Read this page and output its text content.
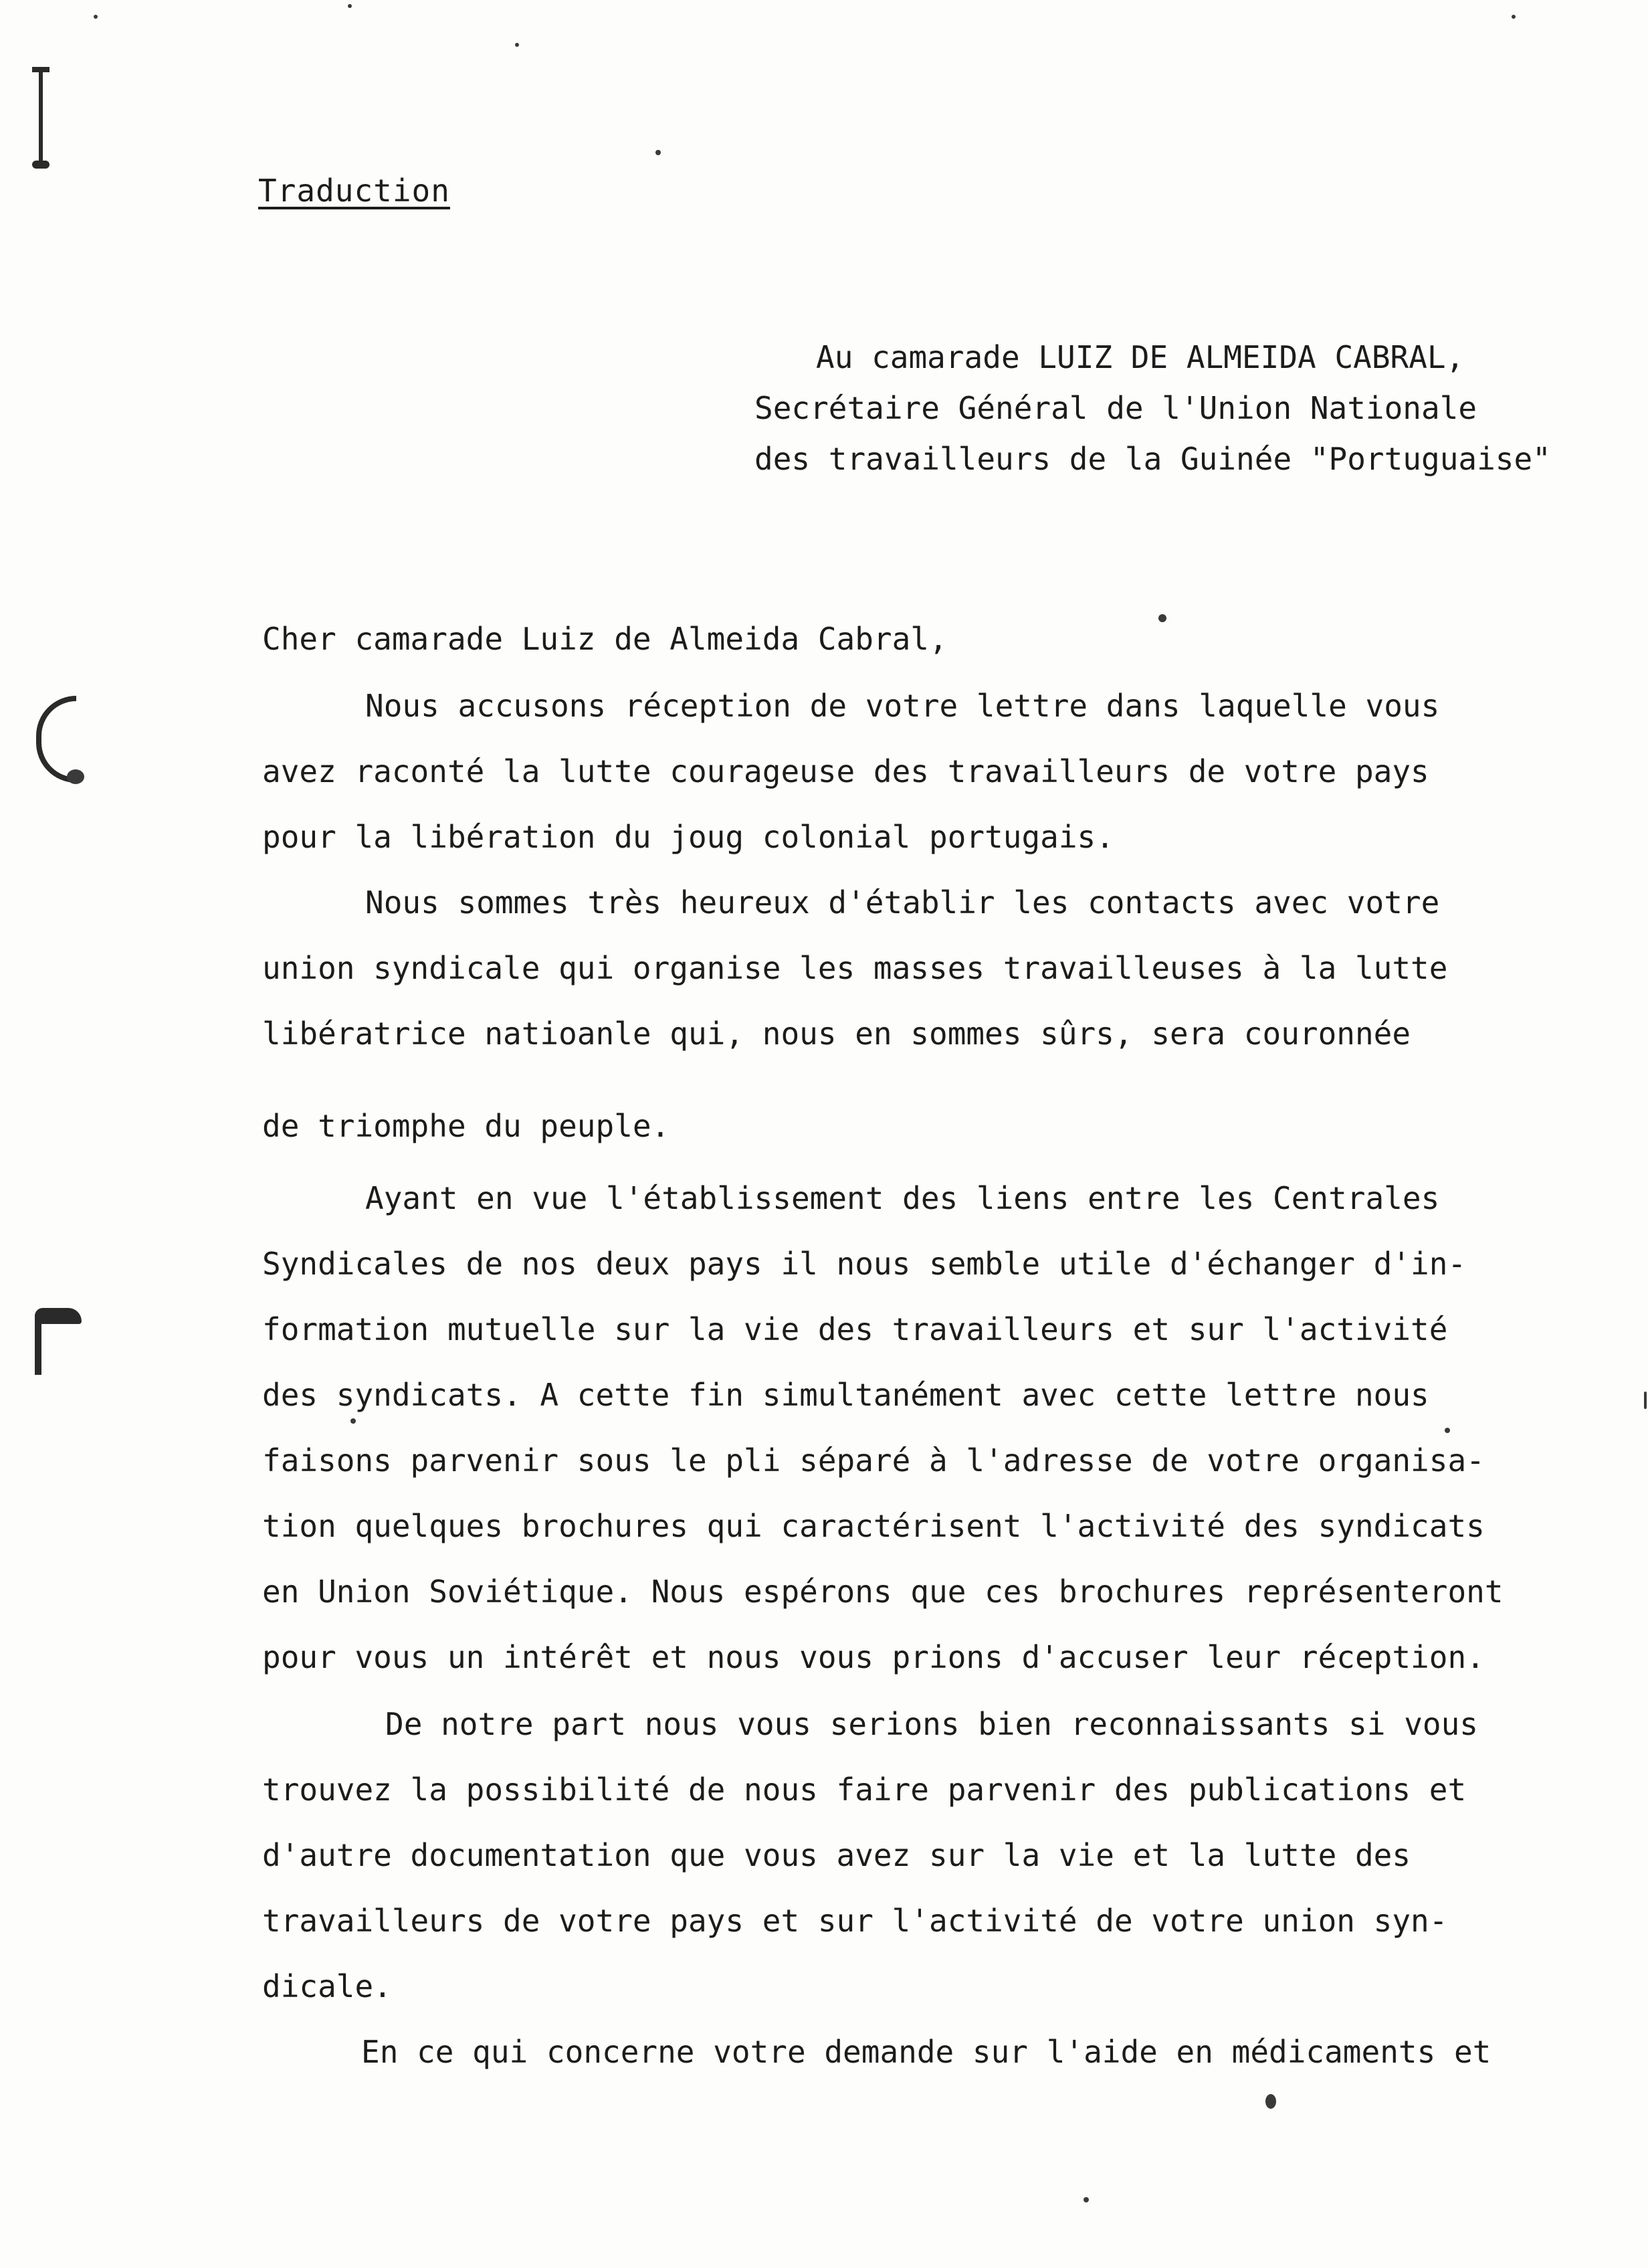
Traduction
Au camarade LUIZ DE ALMEIDA CABRAL,
Secrétaire Général de l'Union Nationale
des travailleurs de la Guinée "Portuguaise"
Cher camarade Luiz de Almeida Cabral,
Nous accusons réception de votre lettre dans laquelle vous
avez raconté la lutte courageuse des travailleurs de votre pays
pour la libération du joug colonial portugais.
Nous sommes très heureux d'établir les contacts avec votre
union syndicale qui organise les masses travailleuses à la lutte
libératrice natioanle qui, nous en sommes sûrs, sera couronnée
de triomphe du peuple.
Ayant en vue l'établissement des liens entre les Centrales
Syndicales de nos deux pays il nous semble utile d'échanger d'in-
formation mutuelle sur la vie des travailleurs et sur l'activité
des syndicats. A cette fin simultanément avec cette lettre nous
faisons parvenir sous le pli séparé à l'adresse de votre organisa-
tion quelques brochures qui caractérisent l'activité des syndicats
en Union Soviétique. Nous espérons que ces brochures représenteront
pour vous un intérêt et nous vous prions d'accuser leur réception.
De notre part nous vous serions bien reconnaissants si vous
trouvez la possibilité de nous faire parvenir des publications et
d'autre documentation que vous avez sur la vie et la lutte des
travailleurs de votre pays et sur l'activité de votre union syn-
dicale.
En ce qui concerne votre demande sur l'aide en médicaments et
